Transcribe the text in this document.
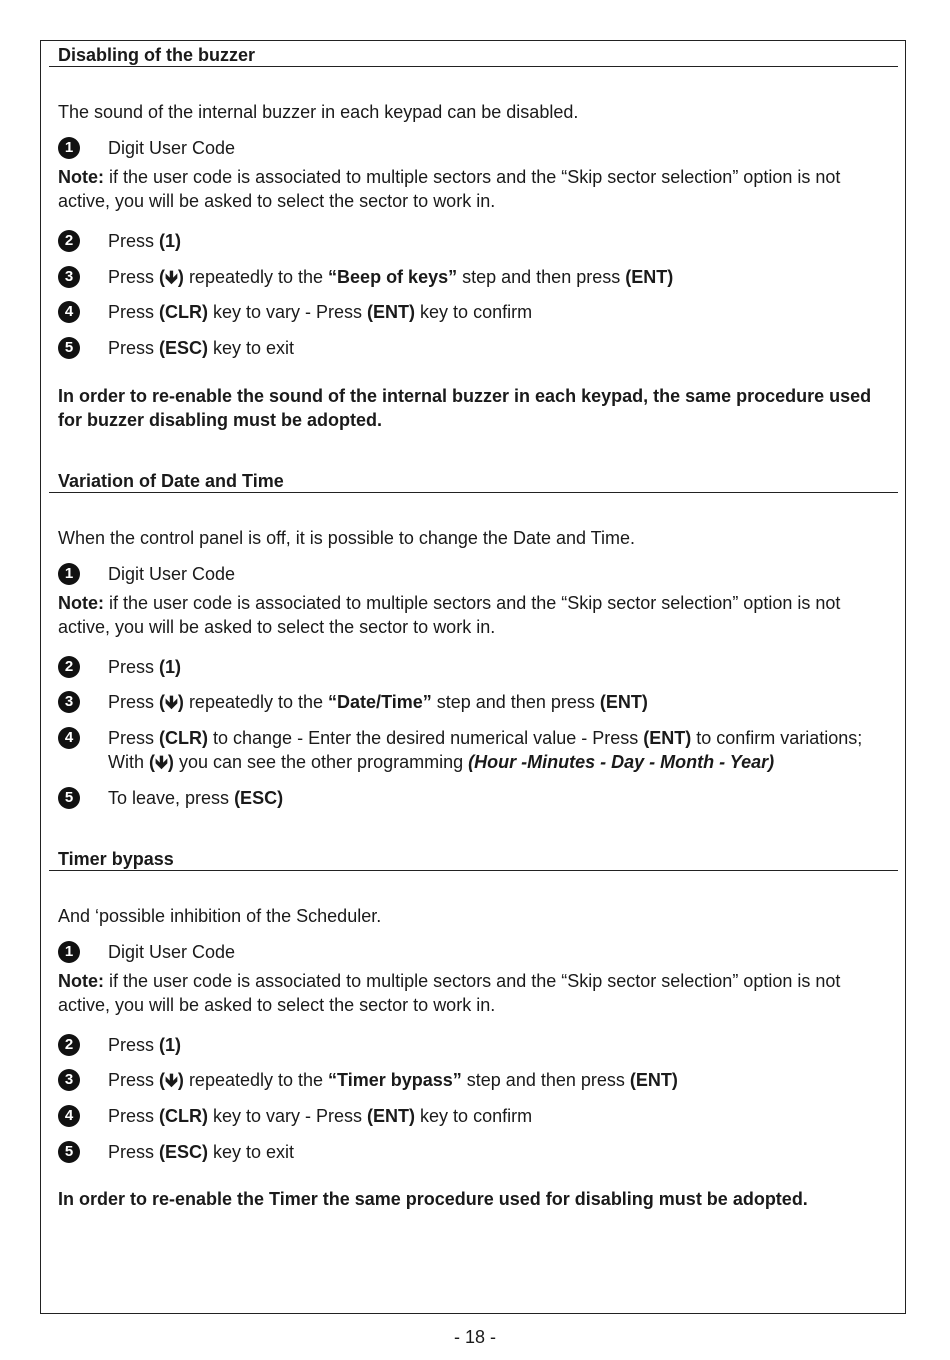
Disabling of the buzzer
The sound of the internal buzzer in each keypad can be disabled.
1	Digit User Code
Note: if the user code is associated to multiple sectors and the “Skip sector selection” option is not active, you will be asked to select the sector to work in.
2	Press (1)
3	Press (🡻) repeatedly to the “Beep of keys” step and then press (ENT)
4	Press (CLR) key to vary - Press (ENT) key to confirm
5	Press (ESC) key to exit
In order to re-enable the sound of the internal buzzer in each keypad, the same procedure used for buzzer disabling must be adopted.
Variation of Date and Time
When the control panel is off, it is possible to change the Date and Time.
1	Digit User Code
Note: if the user code is associated to multiple sectors and the “Skip sector selection” option is not active, you will be asked to select the sector to work in.
2	Press (1)
3	Press (🡻) repeatedly to the “Date/Time” step and then press (ENT)
4	Press (CLR) to change - Enter the desired numerical value - Press (ENT) to confirm variations; With (🡻) you can see the other programming (Hour -Minutes - Day - Month - Year)
5	To leave, press (ESC)
Timer bypass
And ‘possible inhibition of the Scheduler.
1	Digit User Code
Note: if the user code is associated to multiple sectors and the “Skip sector selection” option is not active, you will be asked to select the sector to work in.
2	Press (1)
3	Press (🡻) repeatedly to the “Timer bypass” step and then press (ENT)
4	Press (CLR) key to vary - Press (ENT) key to confirm
5	Press (ESC) key to exit
In order to re-enable the Timer the same procedure used for disabling must be adopted.
- 18 -
